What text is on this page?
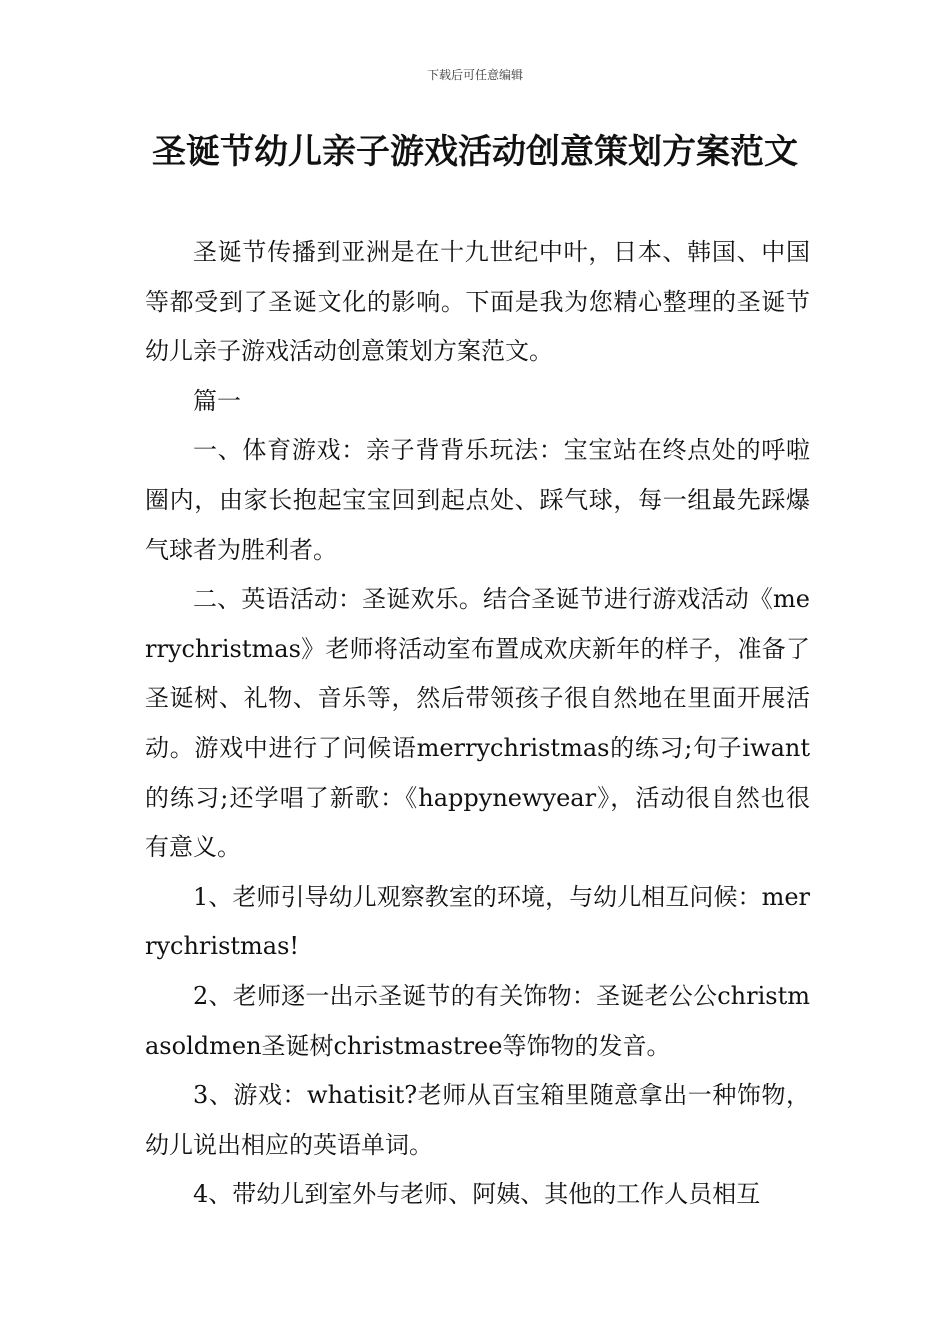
下载后可任意编辑
圣诞节幼儿亲子游戏活动创意策划方案范文

圣诞节传播到亚洲是在十九世纪中叶，日本、韩国、中国等都受到了圣诞文化的影响。下面是我为您精心整理的圣诞节幼儿亲子游戏活动创意策划方案范文。

篇一

一、体育游戏：亲子背背乐玩法：宝宝站在终点处的呼啦圈内，由家长抱起宝宝回到起点处、踩气球，每一组最先踩爆气球者为胜利者。

二、英语活动：圣诞欢乐。结合圣诞节进行游戏活动《merrychristmas》老师将活动室布置成欢庆新年的样子，准备了圣诞树、礼物、音乐等，然后带领孩子很自然地在里面开展活动。游戏中进行了问候语merrychristmas的练习;句子iwant的练习;还学唱了新歌：《happynewyear》，活动很自然也很有意义。

1、老师引导幼儿观察教室的环境，与幼儿相互问候：merrychristmas!

2、老师逐一出示圣诞节的有关饰物：圣诞老公公christmasoldmen圣诞树christmastree等饰物的发音。

3、游戏：whatisit?老师从百宝箱里随意拿出一种饰物，幼儿说出相应的英语单词。

4、带幼儿到室外与老师、阿姨、其他的工作人员相互
